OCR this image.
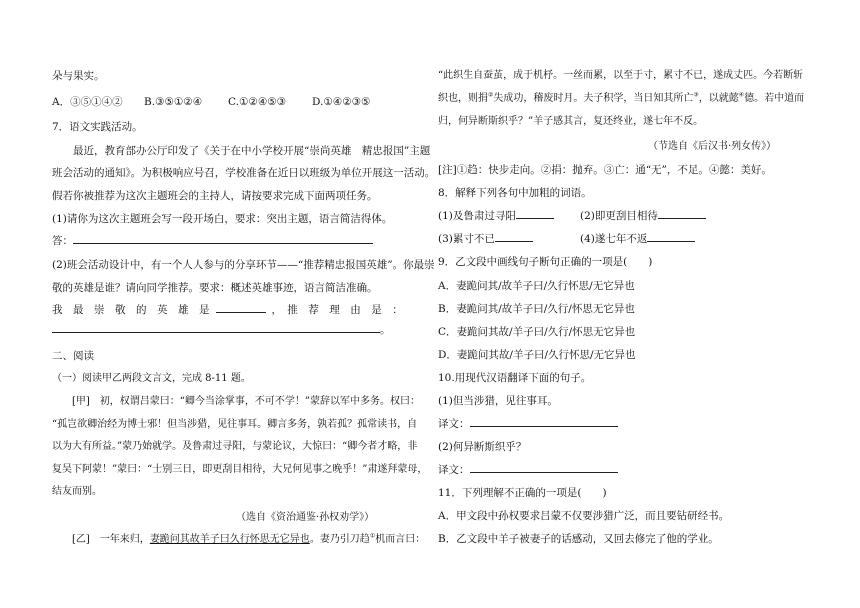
朵与果实。
A．③⑤①④② B.③⑤①②④ C.①②④⑤③ D.①④②③⑤
7．语文实践活动。
　　最近，教育部办公厅印发了《关于在中小学校开展“崇尚英雄　精忠报国”主题
班会活动的通知》。为积极响应号召，学校准备在近日以班级为单位开展这一活动。
假若你被推荐为这次主题班会的主持人，请按要求完成下面两项任务。
(1)请你为这次主题班会写一段开场白，要求：突出主题，语言简洁得体。
答：
(2)班会活动设计中，有一个人人参与的分享环节——“推荐精忠报国英雄”。你最崇
敬的英雄是谁？请向同学推荐。要求：概述英雄事迹，语言简洁准确。
我　最　崇　敬　的　英　雄　是	，　推　荐　理　由　是　：
。
二、阅读
（一）阅读甲乙两段文言文，完成 8-11 题。
　　[甲]　初，权谓吕蒙曰：“卿今当涂掌事，不可不学！”蒙辞以军中多务。权曰：
“孤岂欲卿治经为博士邪！但当涉猎，见往事耳。卿言多务，孰若孤？孤常读书，自
以为大有所益。”蒙乃始就学。及鲁肃过寻阳，与蒙论议，大惊曰：“卿今者才略，非
复吴下阿蒙！”蒙曰：“士别三日，即更刮目相待，大兄何见事之晚乎！”肃遂拜蒙母，
结友而别。
（选自《资治通鉴·孙权劝学》）
　　[乙]　一年来归，妻跪问其故羊子曰久行怀思无它异也。妻乃引刀趋①机而言曰：
“此织生自蚕茧，成于机杼。一丝而累，以至于寸，累寸不已，遂成丈匹。今若断斩
织也，则捐②失成功，稽废时月。夫子积学，当日知其所亡③，以就懿④德。若中道而
归，何异断斯织乎？”羊子感其言，复还终业，遂七年不反。
（节选自《后汉书·列女传》）
[注]①趋：快步走向。②捐：抛弃。③亡：通“无”，不足。④懿：美好。
8．解释下列各句中加粗的词语。
(1)及鲁肃过寻阳	(2)即更刮目相待
(3)累寸不已	(4)遂七年不返
9．乙文段中画线句子断句正确的一项是(　　)
A．妻跪问其/故羊子曰/久行怀思/无它异也
B．妻跪问其/故羊子曰/久行/怀思无它异也
C．妻跪问其故/羊子曰/久行/怀思无它异也
D．妻跪问其故/羊子曰/久行怀思/无它异也
10.用现代汉语翻译下面的句子。
(1)但当涉猎，见往事耳。
译文：
(2)何异断斯织乎？
译文：
11．下列理解不正确的一项是(　　)
A．甲文段中孙权要求吕蒙不仅要涉猎广泛，而且要钻研经书。
B．乙文段中羊子被妻子的话感动，又回去修完了他的学业。
